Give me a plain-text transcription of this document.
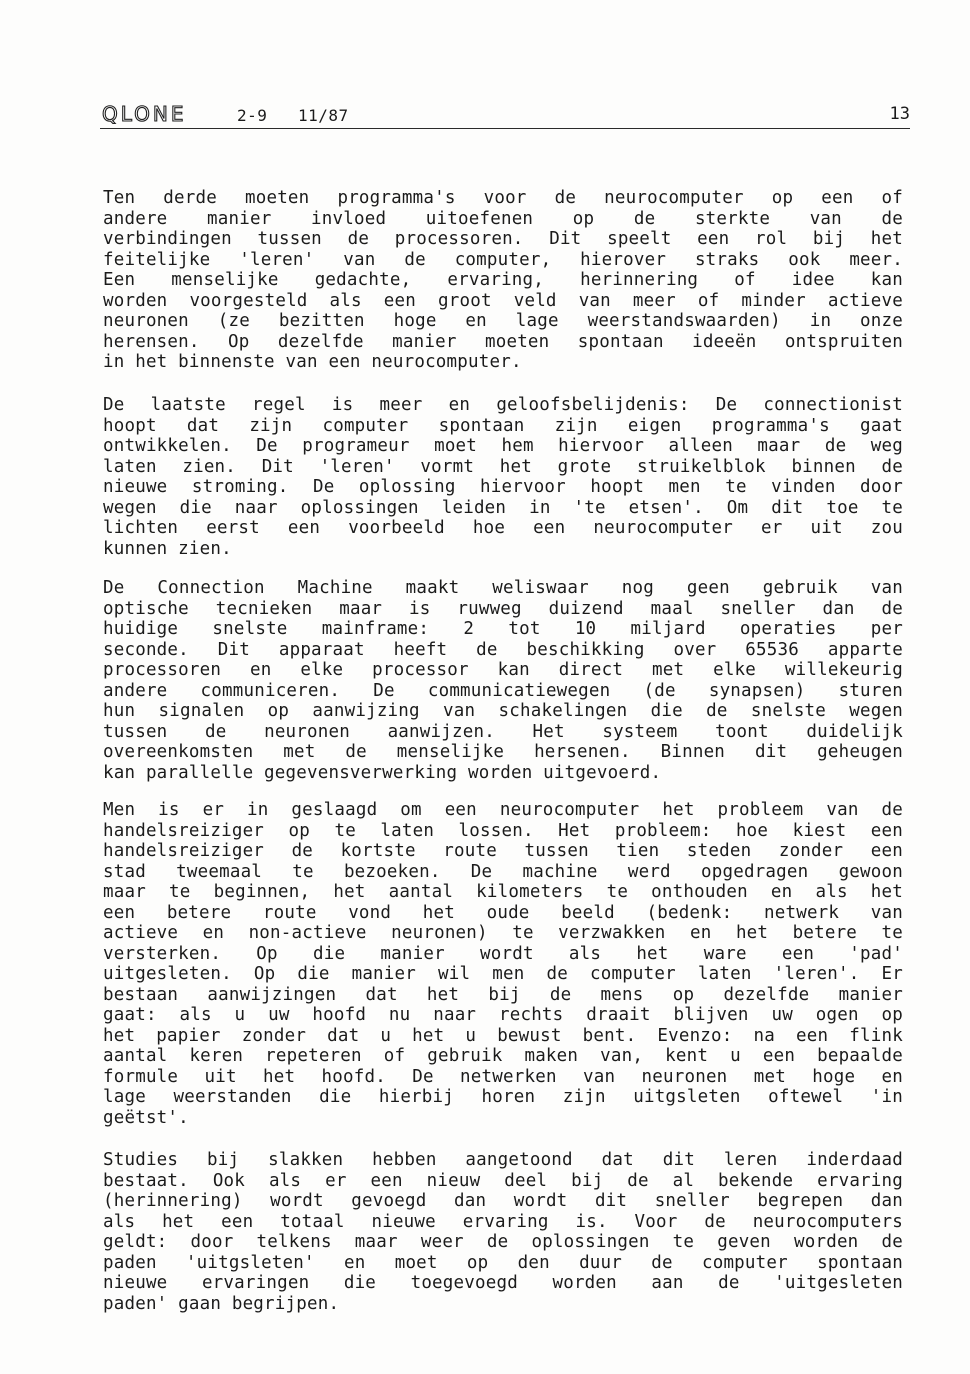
QLONE	2-9 11/87	13
Ten derde moeten programma's voor de neurocomputer op een of
andere manier invloed uitoefenen op de sterkte van de
verbindingen tussen de processoren. Dit speelt een rol bij het
feitelijke 'leren' van de computer, hierover straks ook meer.
Een menselijke gedachte, ervaring, herinnering of idee kan
worden voorgesteld als een groot veld van meer of minder actieve
neuronen (ze bezitten hoge en lage weerstandswaarden) in onze
herensen. Op dezelfde manier moeten spontaan ideeën ontspruiten
in het binnenste van een neurocomputer.
De laatste regel is meer en geloofsbelijdenis: De connectionist
hoopt dat zijn computer spontaan zijn eigen programma's gaat
ontwikkelen. De programeur moet hem hiervoor alleen maar de weg
laten zien. Dit 'leren' vormt het grote struikelblok binnen de
nieuwe stroming. De oplossing hiervoor hoopt men te vinden door
wegen die naar oplossingen leiden in 'te etsen'. Om dit toe te
lichten eerst een voorbeeld hoe een neurocomputer er uit zou
kunnen zien.
De Connection Machine maakt weliswaar nog geen gebruik van
optische tecnieken maar is ruwweg duizend maal sneller dan de
huidige snelste mainframe: 2 tot 10 miljard operaties per
seconde. Dit apparaat heeft de beschikking over 65536 apparte
processoren en elke processor kan direct met elke willekeurig
andere communiceren. De communicatiewegen (de synapsen) sturen
hun signalen op aanwijzing van schakelingen die de snelste wegen
tussen de neuronen aanwijzen. Het systeem toont duidelijk
overeenkomsten met de menselijke hersenen. Binnen dit geheugen
kan parallelle gegevensverwerking worden uitgevoerd.
Men is er in geslaagd om een neurocomputer het probleem van de
handelsreiziger op te laten lossen. Het probleem: hoe kiest een
handelsreiziger de kortste route tussen tien steden zonder een
stad tweemaal te bezoeken. De machine werd opgedragen gewoon
maar te beginnen, het aantal kilometers te onthouden en als het
een betere route vond het oude beeld (bedenk: netwerk van
actieve en non-actieve neuronen) te verzwakken en het betere te
versterken. Op die manier wordt als het ware een 'pad'
uitgesleten. Op die manier wil men de computer laten 'leren'. Er
bestaan aanwijzingen dat het bij de mens op dezelfde manier
gaat: als u uw hoofd nu naar rechts draait blijven uw ogen op
het papier zonder dat u het u bewust bent. Evenzo: na een flink
aantal keren repeteren of gebruik maken van, kent u een bepaalde
formule uit het hoofd. De netwerken van neuronen met hoge en
lage weerstanden die hierbij horen zijn uitgsleten oftewel 'in
geëtst'.
Studies bij slakken hebben aangetoond dat dit leren inderdaad
bestaat. Ook als er een nieuw deel bij de al bekende ervaring
(herinnering) wordt gevoegd dan wordt dit sneller begrepen dan
als het een totaal nieuwe ervaring is. Voor de neurocomputers
geldt: door telkens maar weer de oplossingen te geven worden de
paden 'uitgsleten' en moet op den duur de computer spontaan
nieuwe ervaringen die toegevoegd worden aan de 'uitgesleten
paden' gaan begrijpen.
